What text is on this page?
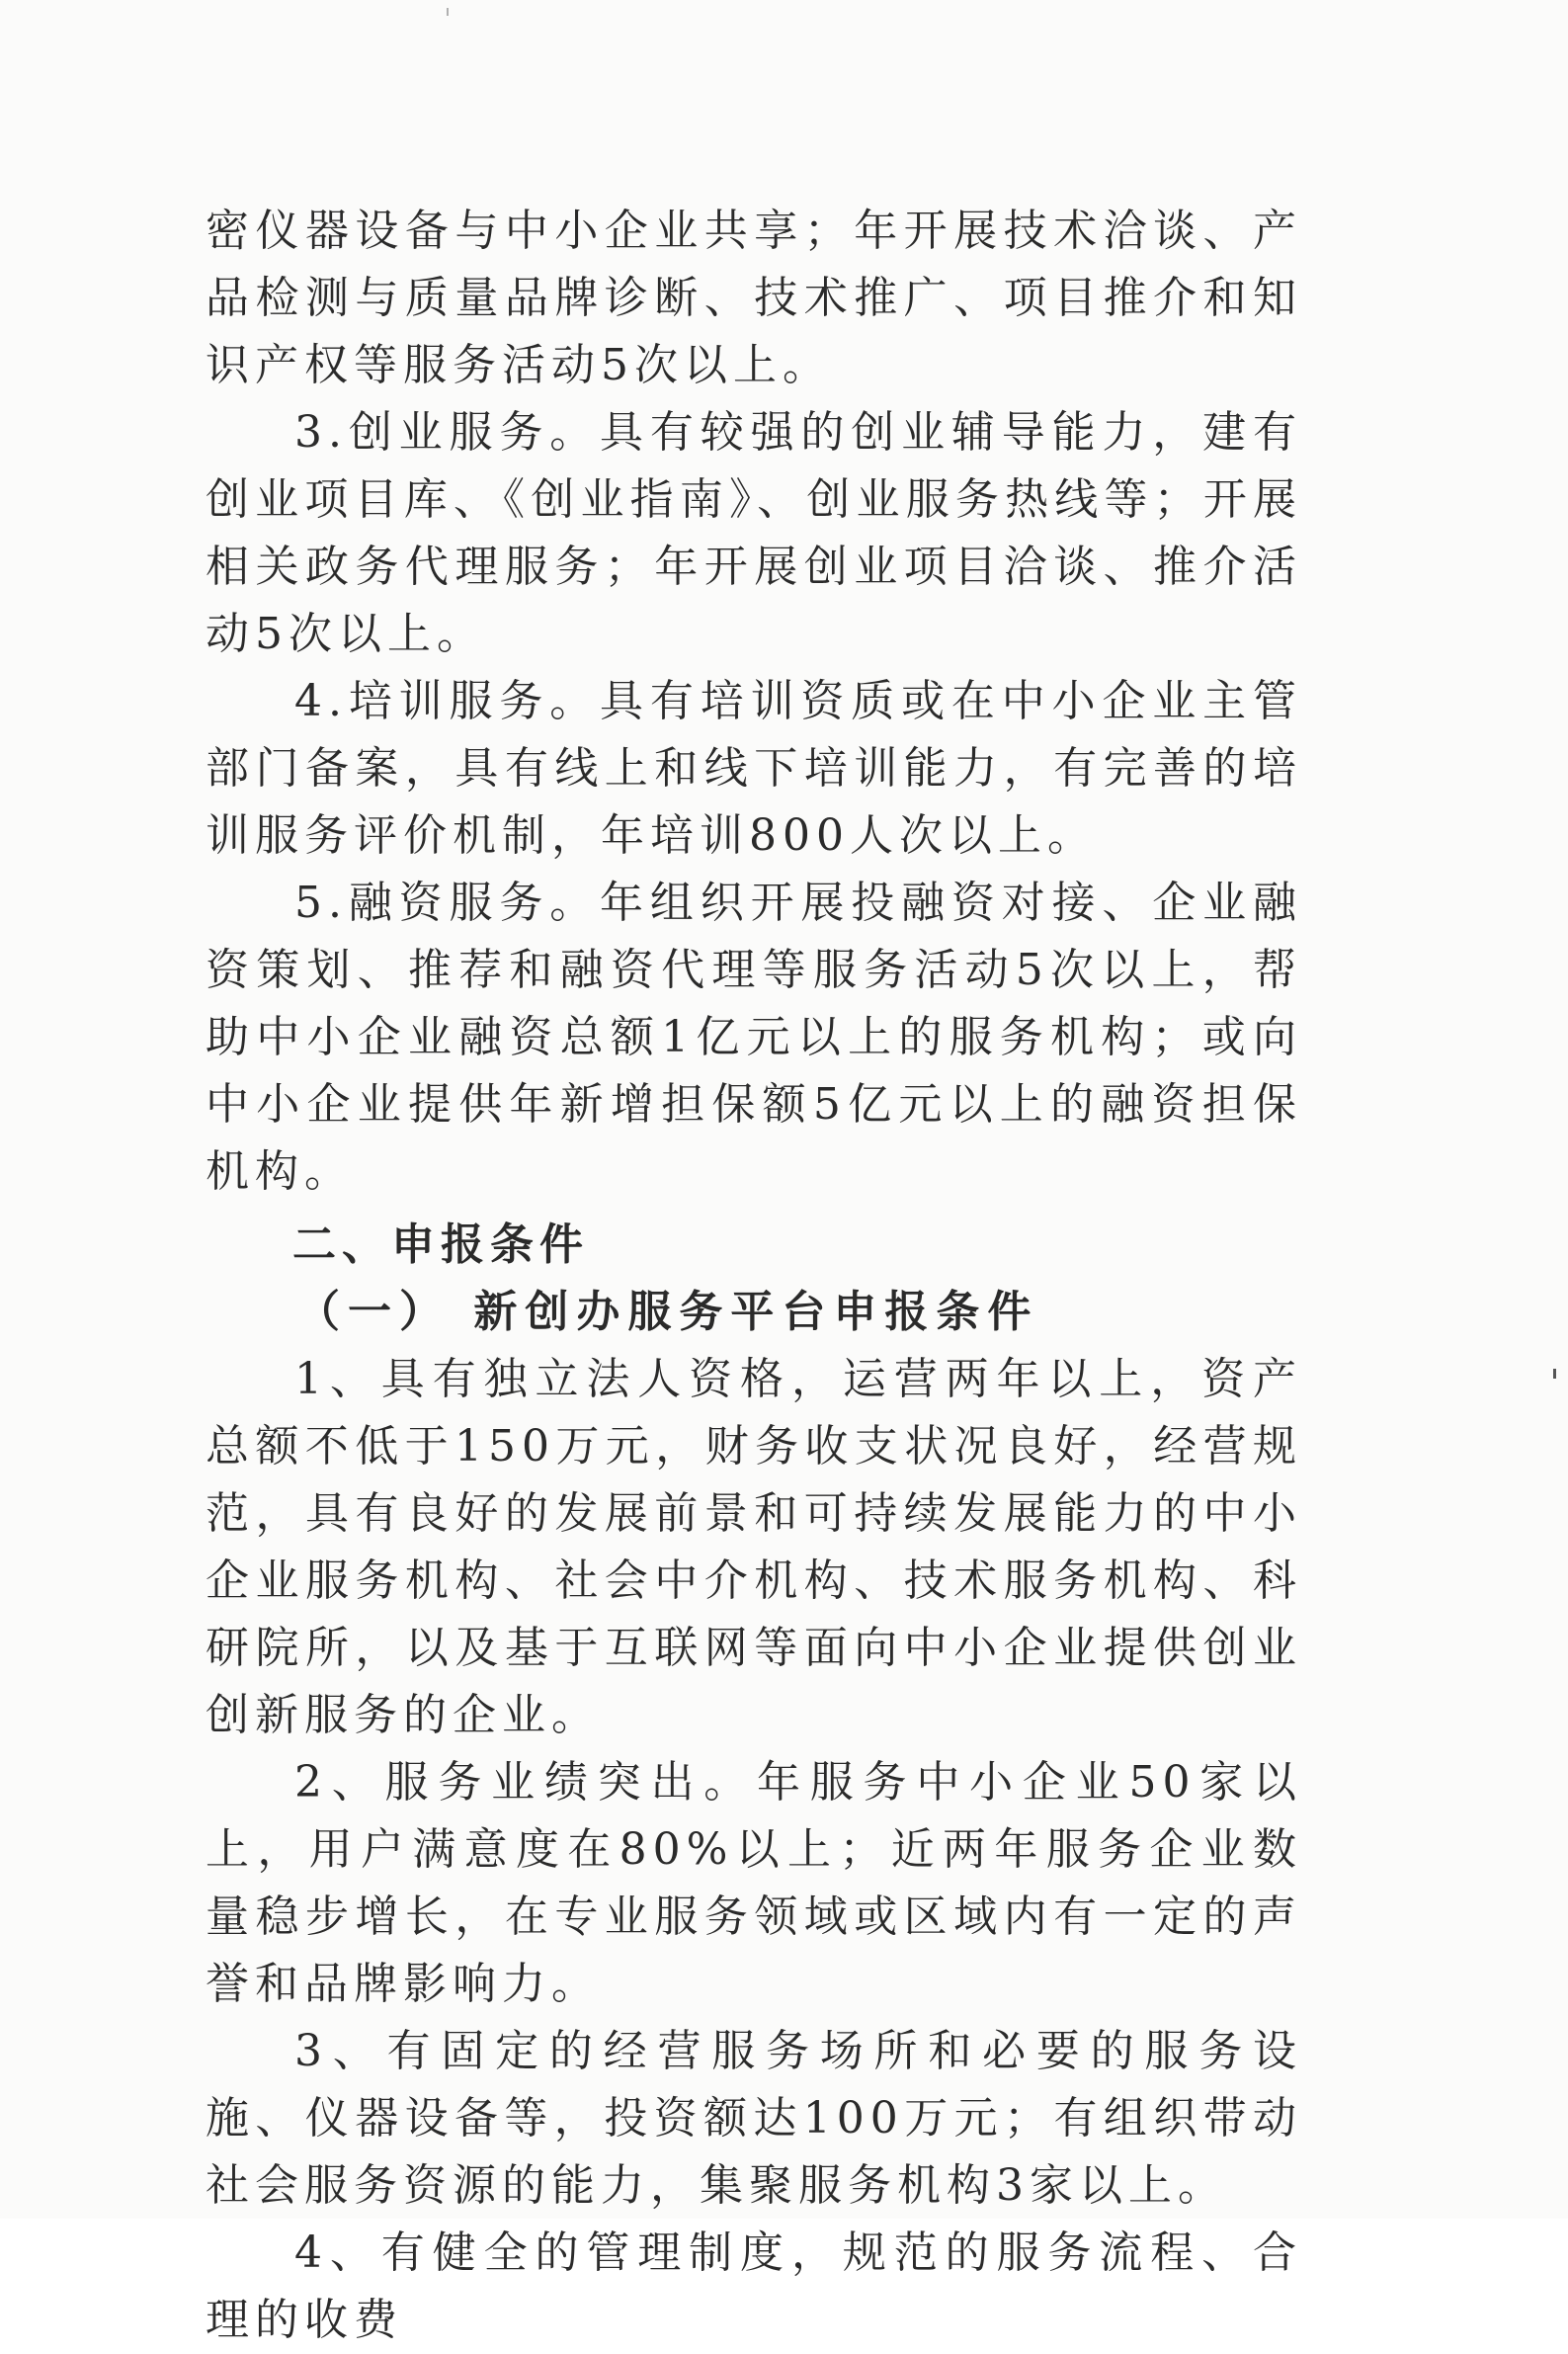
密仪器设备与中小企业共享；年开展技术洽谈、产品检测与质量品牌诊断、技术推广、项目推介和知识产权等服务活动5次以上。

3.创业服务。具有较强的创业辅导能力，建有创业项目库、《创业指南》、创业服务热线等；开展相关政务代理服务；年开展创业项目洽谈、推介活动5次以上。

4.培训服务。具有培训资质或在中小企业主管部门备案，具有线上和线下培训能力，有完善的培训服务评价机制，年培训800人次以上。

5.融资服务。年组织开展投融资对接、企业融资策划、推荐和融资代理等服务活动5次以上，帮助中小企业融资总额1亿元以上的服务机构；或向中小企业提供年新增担保额5亿元以上的融资担保机构。

二、申报条件

（一） 新创办服务平台申报条件

1、具有独立法人资格，运营两年以上，资产总额不低于150万元，财务收支状况良好，经营规范，具有良好的发展前景和可持续发展能力的中小企业服务机构、社会中介机构、技术服务机构、科研院所，以及基于互联网等面向中小企业提供创业创新服务的企业。

2、服务业绩突出。年服务中小企业50家以上，用户满意度在80%以上；近两年服务企业数量稳步增长，在专业服务领域或区域内有一定的声誉和品牌影响力。

3、有固定的经营服务场所和必要的服务设施、仪器设备等，投资额达100万元；有组织带动社会服务资源的能力，集聚服务机构3家以上。

4、有健全的管理制度，规范的服务流程、合理的收费
